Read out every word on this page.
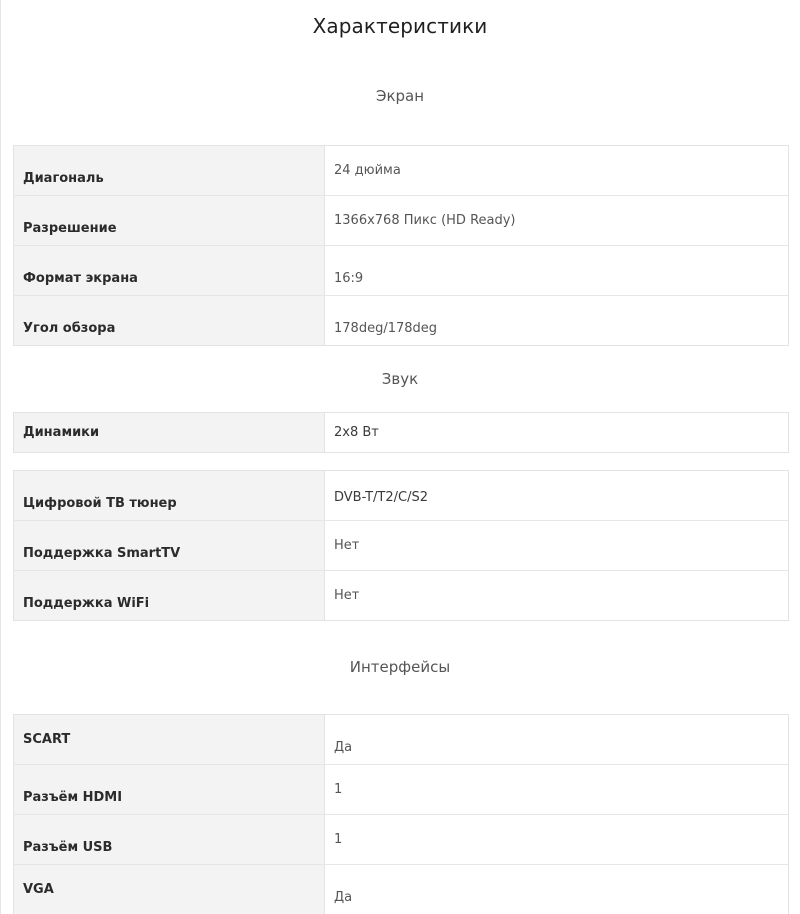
Характеристики
Экран
Диагональ	24 дюйма

Разрешение	1366x768 Пикс (HD Ready)

Формат экрана	16:9

Угол обзора	178deg/178deg
Звук
Динамики	2x8 Вт
Цифровой ТВ тюнер	DVB-T/T2/C/S2

Поддержка SmartTV	Нет

Поддержка WiFi	Нет
Интерфейсы
SCART	Да

Разъём HDMI	1

Разъём USB	1

VGA	Да
